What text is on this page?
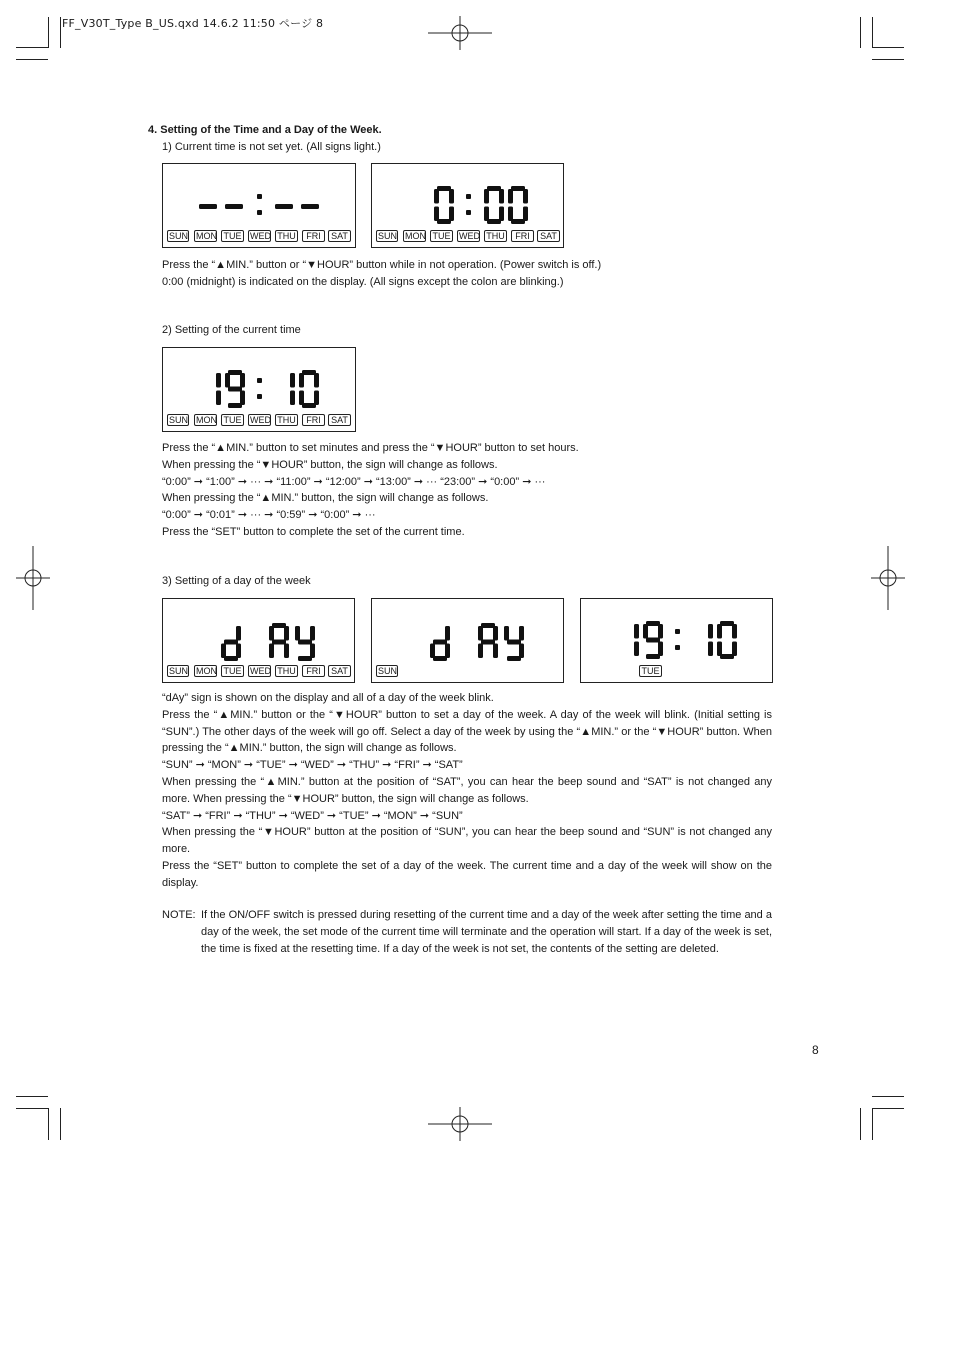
FF_V30T_Type B_US.qxd 14.6.2 11:50 ページ 8
4. Setting of the Time and a Day of the Week.
1) Current time is not set yet. (All signs light.)
SUN MON TUE WED THU	FRI	SAT	SUN MON TUE WED THU	FRI	SAT
Press the “▲MIN.” button or “▼HOUR” button while in not operation. (Power switch is off.)
0:00 (midnight) is indicated on the display. (All signs except the colon are blinking.)
2) Setting of the current time
SUN MON TUE WED THU	FRI	SAT
Press the “▲MIN.” button to set minutes and press the “▼HOUR” button to set hours.
When pressing the “▼HOUR” button, the sign will change as follows.
“0:00” ➞ “1:00” ➞ ··· ➞ “11:00” ➞ “12:00” ➞ “13:00” ➞ ··· “23:00” ➞ “0:00” ➞ ···
When pressing the “▲MIN.” button, the sign will change as follows.
“0:00” ➞ “0:01” ➞ ··· ➞ “0:59” ➞ “0:00” ➞ ···
Press the “SET” button to complete the set of the current time.
3) Setting of a day of the week
SUN MON TUE WED THU	FRI	SAT	SUN	TUE
“dAy” sign is shown on the display and all of a day of the week blink.
Press the “▲MIN.” button or the “▼HOUR” button to set a day of the week. A day of the week will blink. (Initial setting is “SUN”.) The other days of the week will go off. Select a day of the week by using the “▲MIN.” or the “▼HOUR” button. When pressing the “▲MIN.” button, the sign will change as follows.
“SUN” ➞ “MON” ➞ “TUE” ➞ “WED” ➞ “THU” ➞ “FRI” ➞ “SAT”
When pressing the “▲MIN.” button at the position of “SAT”, you can hear the beep sound and “SAT” is not changed any more. When pressing the “▼HOUR” button, the sign will change as follows.
“SAT” ➞ “FRI” ➞ “THU” ➞ “WED” ➞ “TUE” ➞ “MON” ➞ “SUN”
When pressing the “▼HOUR” button at the position of “SUN”, you can hear the beep sound and “SUN” is not changed any more.
Press the “SET” button to complete the set of a day of the week. The current time and a day of the week will show on the display.
NOTE: If the ON/OFF switch is pressed during resetting of the current time and a day of the week after setting the time and a day of the week, the set mode of the current time will terminate and the operation will start. If a day of the week is set, the time is fixed at the resetting time. If a day of the week is not set, the contents of the setting are deleted.
8
